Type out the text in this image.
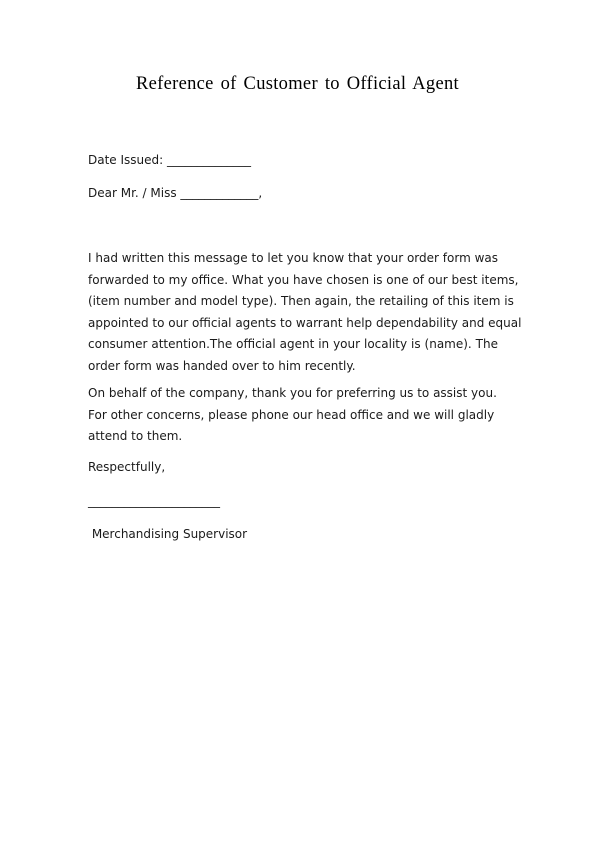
Reference of Customer to Official Agent
Date Issued: ______________
Dear Mr. / Miss _____________,
I had written this message to let you know that your order form was
forwarded to my office. What you have chosen is one of our best items,
(item number and model type). Then again, the retailing of this item is
appointed to our official agents to warrant help dependability and equal
consumer attention.The official agent in your locality is (name). The
order form was handed over to him recently.
On behalf of the company, thank you for preferring us to assist you.
For other concerns, please phone our head office and we will gladly
attend to them.
Respectfully,
______________________
Merchandising Supervisor
